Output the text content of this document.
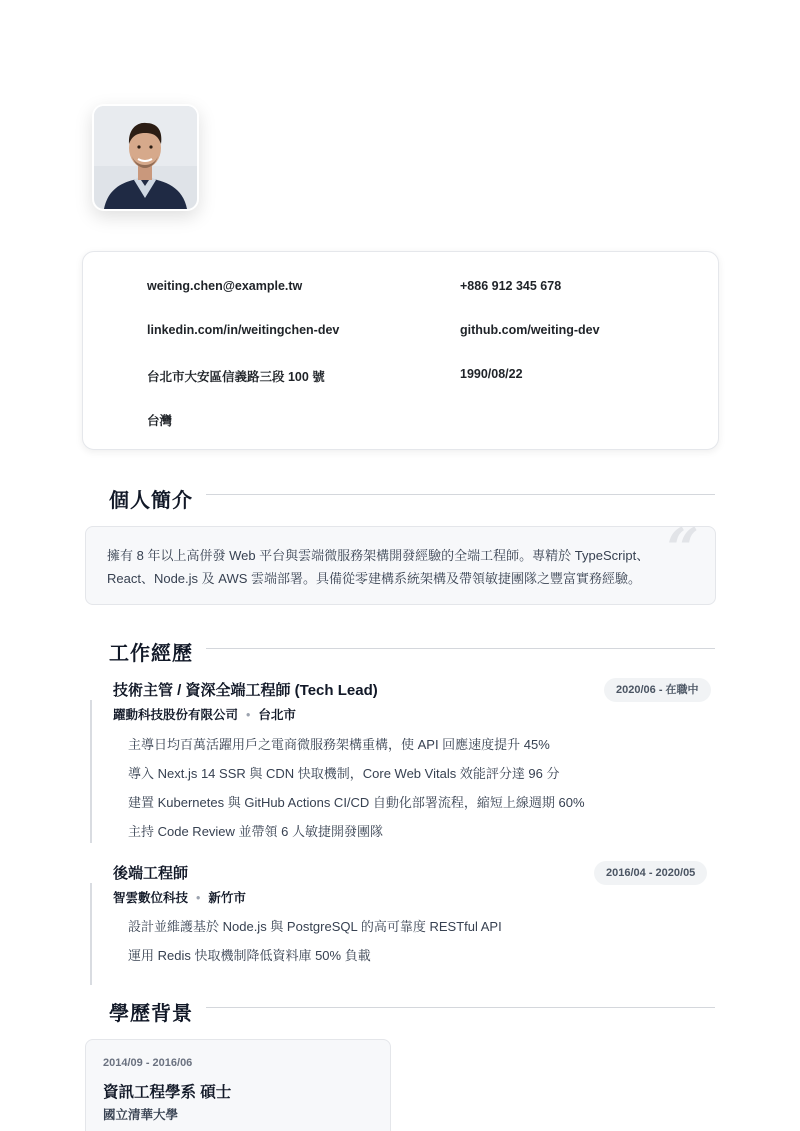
weiting.chen@example.tw	+886 912 345 678
linkedin.com/in/weitingchen-dev	github.com/weiting-dev
台北市大安區信義路三段 100 號	1990/08/22
台灣
個人簡介
“
擁有 8 年以上高併發 Web 平台與雲端微服務架構開發經驗的全端工程師。專精於 TypeScript、
React、Node.js 及 AWS 雲端部署。具備從零建構系統架構及帶領敏捷團隊之豐富實務經驗。
工作經歷
技術主管 / 資深全端工程師 (Tech Lead)	2020/06 - 在職中
躍動科技股份有限公司 • 台北市
主導日均百萬活躍用戶之電商微服務架構重構，使 API 回應速度提升 45%
導入 Next.js 14 SSR 與 CDN 快取機制，Core Web Vitals 效能評分達 96 分
建置 Kubernetes 與 GitHub Actions CI/CD 自動化部署流程，縮短上線週期 60%
主持 Code Review 並帶領 6 人敏捷開發團隊
後端工程師	2016/04 - 2020/05
智雲數位科技 • 新竹市
設計並維護基於 Node.js 與 PostgreSQL 的高可靠度 RESTful API
運用 Redis 快取機制降低資料庫 50% 負載
學歷背景
2014/09 - 2016/06
資訊工程學系 碩士
國立清華大學
